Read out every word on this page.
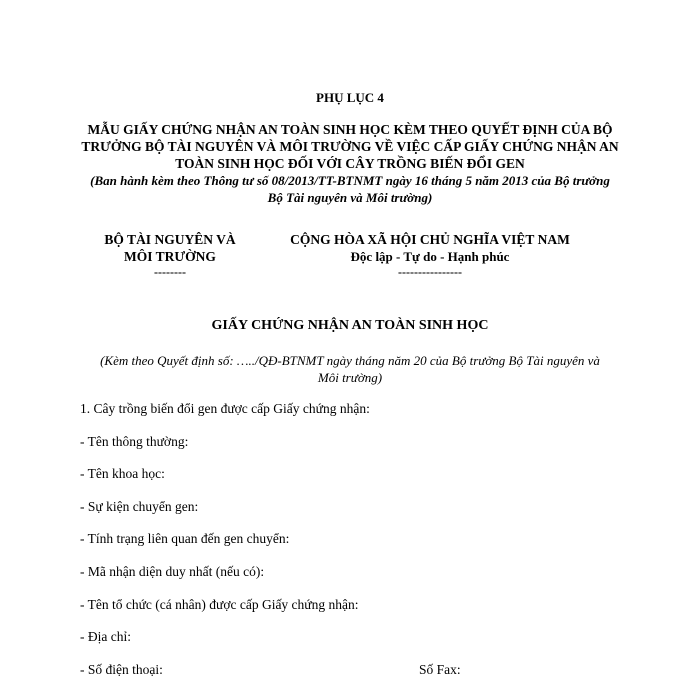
PHỤ LỤC 4
MẪU GIẤY CHỨNG NHẬN AN TOÀN SINH HỌC KÈM THEO QUYẾT ĐỊNH CỦA BỘ TRƯỞNG BỘ TÀI NGUYÊN VÀ MÔI TRƯỜNG VỀ VIỆC CẤP GIẤY CHỨNG NHẬN AN TOÀN SINH HỌC ĐỐI VỚI CÂY TRỒNG BIẾN ĐỔI GEN
(Ban hành kèm theo Thông tư số 08/2013/TT-BTNMT ngày 16 tháng 5 năm 2013 của Bộ trưởng Bộ Tài nguyên và Môi trường)
BỘ TÀI NGUYÊN VÀ
MÔI TRƯỜNG
--------
CỘNG HÒA XÃ HỘI CHỦ NGHĨA VIỆT NAM
Độc lập - Tự do - Hạnh phúc
----------------
GIẤY CHỨNG NHẬN AN TOÀN SINH HỌC
(Kèm theo Quyết định số: …../QĐ-BTNMT ngày tháng năm 20 của Bộ trưởng Bộ Tài nguyên và Môi trường)
1. Cây trồng biến đổi gen được cấp Giấy chứng nhận:
- Tên thông thường:
- Tên khoa học:
- Sự kiện chuyển gen:
- Tính trạng liên quan đến gen chuyển:
- Mã nhận diện duy nhất (nếu có):
- Tên tổ chức (cá nhân) được cấp Giấy chứng nhận:
- Địa chỉ:
- Số điện thoại:	Số Fax:
